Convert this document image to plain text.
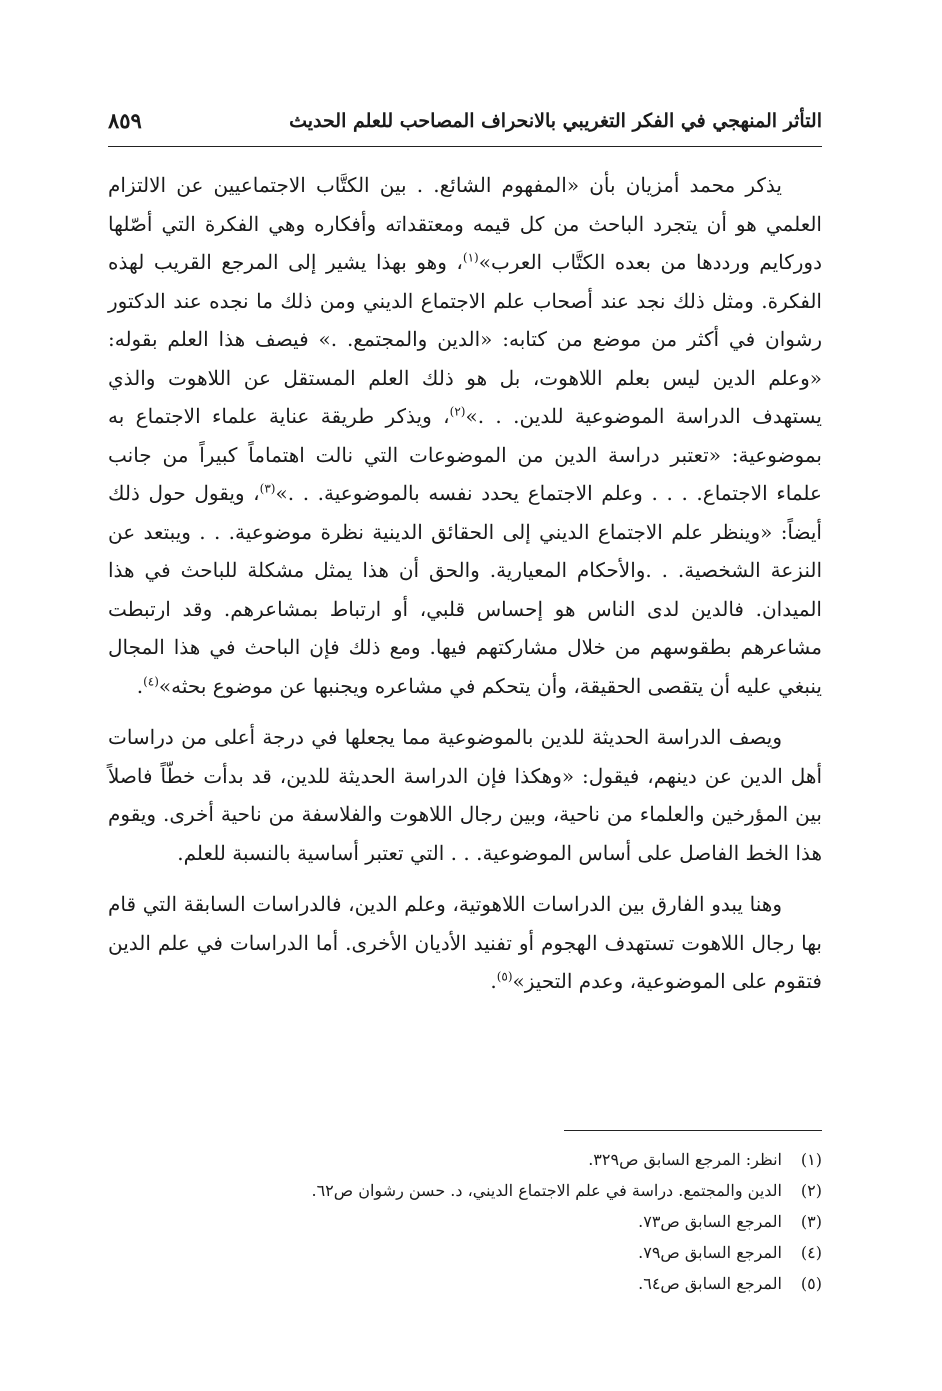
التأثر المنهجي في الفكر التغريبي بالانحراف المصاحب للعلم الحديث
٨٥٩

يذكر محمد أمزيان بأن «المفهوم الشائع. . بين الكتَّاب الاجتماعيين عن الالتزام العلمي هو أن يتجرد الباحث من كل قيمه ومعتقداته وأفكاره وهي الفكرة التي أصّلها دوركايم ورددها من بعده الكتَّاب العرب»$^{(١)}$، وهو بهذا يشير إلى المرجع القريب لهذه الفكرة. ومثل ذلك نجد عند أصحاب علم الاجتماع الديني ومن ذلك ما نجده عند الدكتور رشوان في أكثر من موضع من كتابه: «الدين والمجتمع. .» فيصف هذا العلم بقوله: «وعلم الدين ليس بعلم اللاهوت، بل هو ذلك العلم المستقل عن اللاهوت والذي يستهدف الدراسة الموضوعية للدين. . .»$^{(٢)}$، ويذكر طريقة عناية علماء الاجتماع به بموضوعية: «تعتبر دراسة الدين من الموضوعات التي نالت اهتماماً كبيراً من جانب علماء الاجتماع. . . . وعلم الاجتماع يحدد نفسه بالموضوعية. . .»$^{(٣)}$، ويقول حول ذلك أيضاً: «وينظر علم الاجتماع الديني إلى الحقائق الدينية نظرة موضوعية. . . ويبتعد عن النزعة الشخصية. . .والأحكام المعيارية. والحق أن هذا يمثل مشكلة للباحث في هذا الميدان. فالدين لدى الناس هو إحساس قلبي، أو ارتباط بمشاعرهم. وقد ارتبطت مشاعرهم بطقوسهم من خلال مشاركتهم فيها. ومع ذلك فإن الباحث في هذا المجال ينبغي عليه أن يتقصى الحقيقة، وأن يتحكم في مشاعره ويجنبها عن موضوع بحثه»$^{(٤)}$.

ويصف الدراسة الحديثة للدين بالموضوعية مما يجعلها في درجة أعلى من دراسات أهل الدين عن دينهم، فيقول: «وهكذا فإن الدراسة الحديثة للدين، قد بدأت خطّاً فاصلاً بين المؤرخين والعلماء من ناحية، وبين رجال اللاهوت والفلاسفة من ناحية أخرى. ويقوم هذا الخط الفاصل على أساس الموضوعية. . . التي تعتبر أساسية بالنسبة للعلم.

وهنا يبدو الفارق بين الدراسات اللاهوتية، وعلم الدين، فالدراسات السابقة التي قام بها رجال اللاهوت تستهدف الهجوم أو تفنيد الأديان الأخرى. أما الدراسات في علم الدين فتقوم على الموضوعية، وعدم التحيز»$^{(٥)}$.

(١)
انظر: المرجع السابق ص٣٢٩.
(٢)
الدين والمجتمع. دراسة في علم الاجتماع الديني، د. حسن رشوان ص٦٢.
(٣)
المرجع السابق ص٧٣.
(٤)
المرجع السابق ص٧٩.
(٥)
المرجع السابق ص٦٤.
